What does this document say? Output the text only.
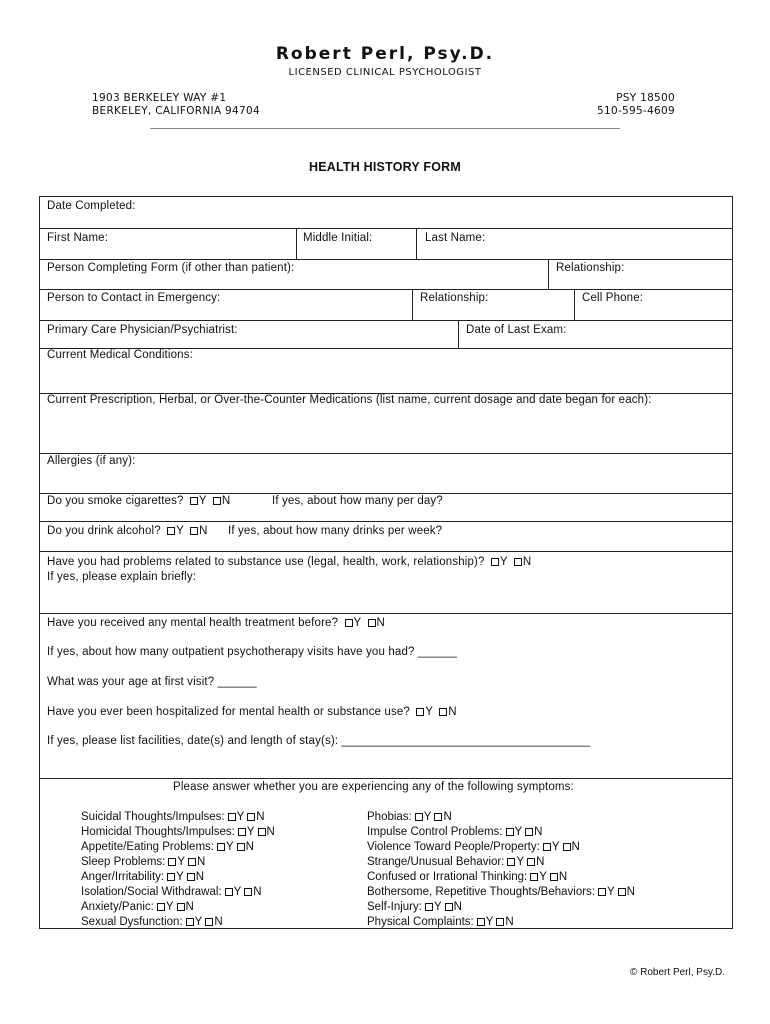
Robert Perl, Psy.D.
LICENSED CLINICAL PSYCHOLOGIST
1903 BERKELEY WAY #1
BERKELEY, CALIFORNIA 94704
PSY 18500
510-595-4609
HEALTH HISTORY FORM
Date Completed:
First Name:	Middle Initial:	Last Name:
Person Completing Form (if other than patient):	Relationship:
Person to Contact in Emergency:	Relationship:	Cell Phone:
Primary Care Physician/Psychiatrist:	Date of Last Exam:
Current Medical Conditions:
Current Prescription, Herbal, or Over-the-Counter Medications (list name, current dosage and date began for each):
Allergies (if any):
Do you smoke cigarettes? Y N	If yes, about how many per day?
Do you drink alcohol? Y N If yes, about how many drinks per week?
Have you had problems related to substance use (legal, health, work, relationship)? Y N
If yes, please explain briefly:
Have you received any mental health treatment before? Y N
If yes, about how many outpatient psychotherapy visits have you had? ______
What was your age at first visit? ______
Have you ever been hospitalized for mental health or substance use? Y N
If yes, please list facilities, date(s) and length of stay(s): ______________________________________
Please answer whether you are experiencing any of the following symptoms:
Suicidal Thoughts/Impulses: Y N
Homicidal Thoughts/Impulses: Y N
Appetite/Eating Problems: Y N
Sleep Problems: Y N
Anger/Irritability: Y N
Isolation/Social Withdrawal: Y N
Anxiety/Panic: Y N
Sexual Dysfunction: Y N
Phobias: Y N
Impulse Control Problems: Y N
Violence Toward People/Property: Y N
Strange/Unusual Behavior: Y N
Confused or Irrational Thinking: Y N
Bothersome, Repetitive Thoughts/Behaviors: Y N
Self-Injury: Y N
Physical Complaints: Y N
© Robert Perl, Psy.D.
